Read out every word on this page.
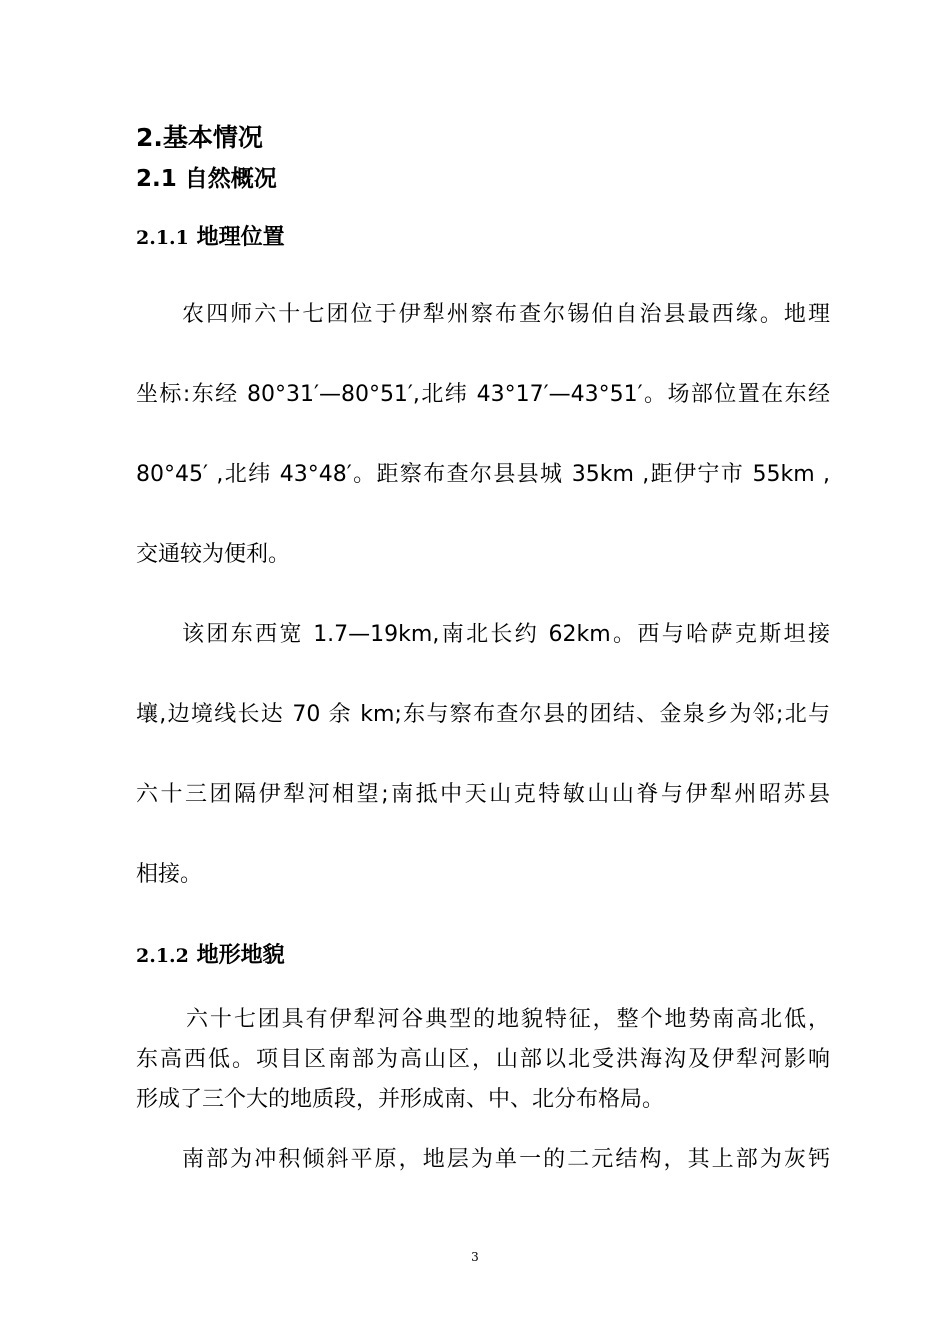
2.基本情况
2.1 自然概况
2.1.1 地理位置
农四师六十七团位于伊犁州察布查尔锡伯自治县最西缘。地理
坐标:东经 80°31′—80°51′,北纬 43°17′—43°51′。场部位置在东经
80°45′ ,北纬 43°48′。距察布查尔县县城 35km ,距伊宁市 55km ,
交通较为便利。
该团东西宽 1.7—19km,南北长约 62km。西与哈萨克斯坦接
壤,边境线长达 70 余 km;东与察布查尔县的团结、金泉乡为邻;北与
六十三团隔伊犁河相望;南抵中天山克特敏山山脊与伊犁州昭苏县
相接。
2.1.2 地形地貌
六十七团具有伊犁河谷典型的地貌特征，整个地势南高北低，
东高西低。项目区南部为高山区，山部以北受洪海沟及伊犁河影响
形成了三个大的地质段，并形成南、中、北分布格局。
南部为冲积倾斜平原，地层为单一的二元结构，其上部为灰钙
3
